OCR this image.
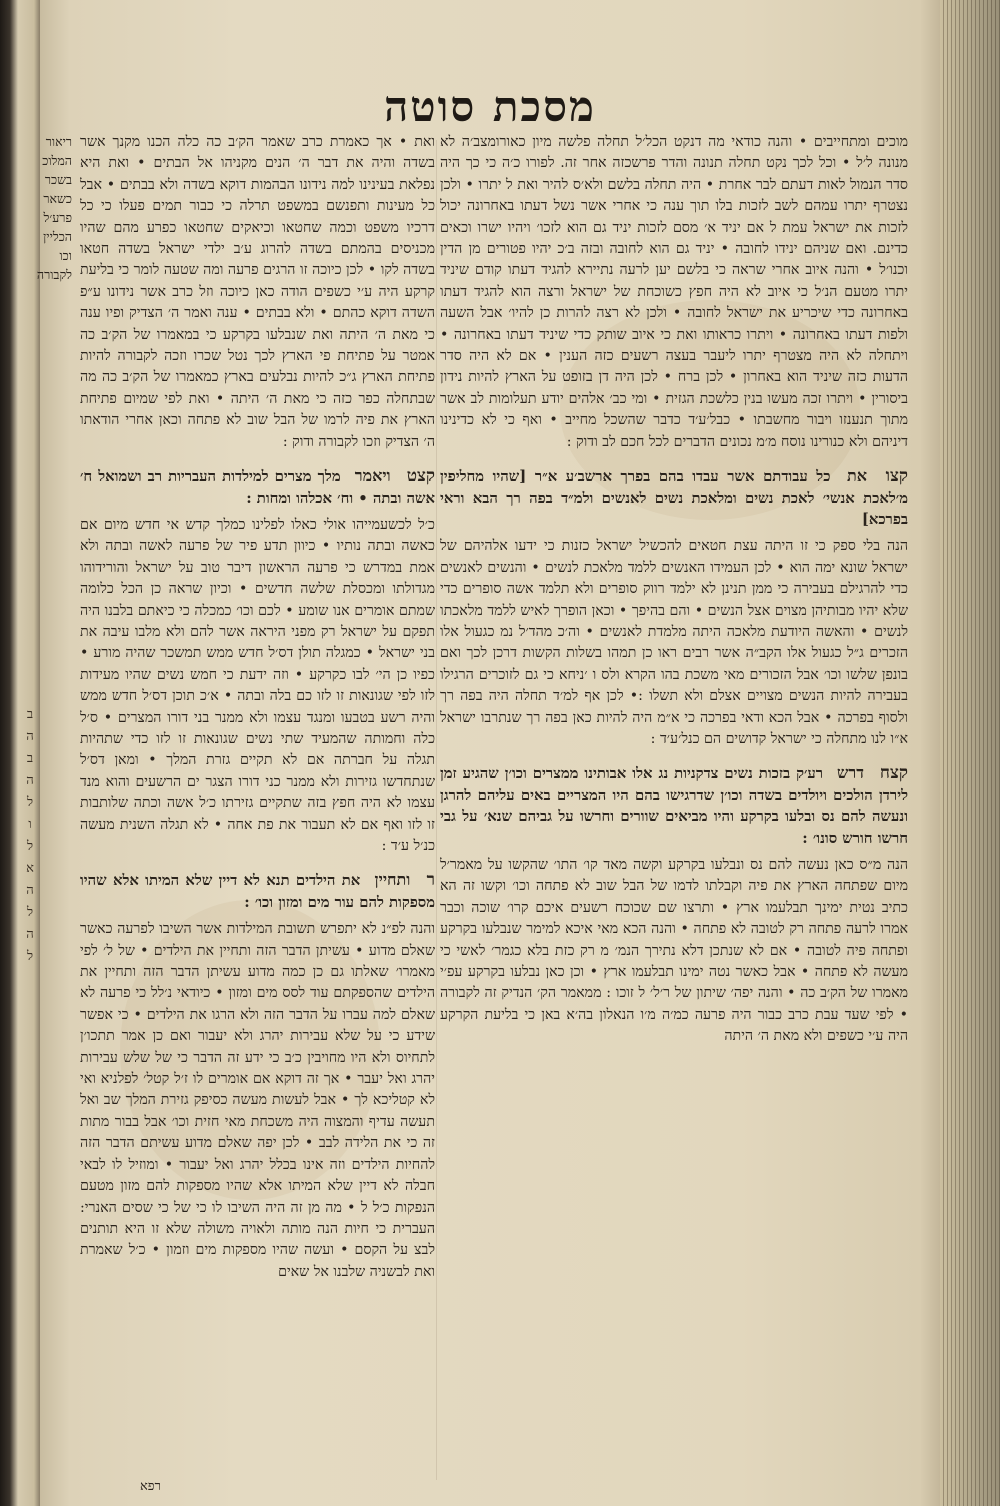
ב
ה
ב
ה
ל
ו
ל
א
ה
ל
ה
ל
מסכת סוטה
ריאור המלוכ בשכר כשאר פרע׳ל הכליין וכו לקבורה

מוכים ומתחייבים • והנה כודאי מה דנקט הכל׳ל תחלה פלשה מיון כאורומצב׳ה לא מנונה ל׳ל • וכל לכך נקט תחלה תנונה והדר פרשכזה אחר זה. לפורו כ׳ה כי כך היה סדר הנמול לאות דעתם לבר אחרת • היה תחלה בלשם ולא׳ס להיר ואת ל יתרו • ולכן נצטרף יתרו עמהם לשב לזכות בלו תוך ענה כי אחרי אשר נשל דעתו באחרונה יכול לזכות את ישראל עמת ל אם יניד א׳ מסם לזכות יניד גם הוא לזכו׳ ויהיו ישרו וכאים כדינם. ואם שניהם ינידו לחובה • יניד גם הוא לחובה ובזה ב׳כ יהיו פטורים מן הדין וכנו׳ל • והנה איוב אחרי שראה כי בלשם יען לרעה נתיירא להגיד דעתו קודם שיניד יתרו מטעם הנ׳ל כי איוב לא היה חפץ כשוכחת של ישראל ורצה הוא להגיד דעתו באחרונה כדי שיכריע את ישראל לחובה • ולכן לא רצה להרות כן להיו׳ אבל השעה ולפות דעתו באחרונה • ויתרו כראותו ואת כי איוב שותק כדי שיניד דעתו באחרונה • ויתחלה לא היה מצטרף יתרו ליעבר בעצה רשעים כזה הענין • אם לא היה סדר הדעות כזה שיניד הוא באחרון • לכן ברח • לכן היה דן בזופט על הארץ להיות נידון ביסורין • ויתרו זכה מעשו בנין כלשכת הגזית • ומי כב׳ אלהים יודע תעלומות לב אשר מתוך תנענזו ויבור מחשבתו • כבל׳ע׳ד כדבר שהשכל מחייב • ואף כי לא כדינינו דיניהם ולא כנורינו נוסח מ׳מ נכונים הדברים לכל חכם לב ודוק :

קצו את כל עבודתם אשר עבדו בהם בפרך ארשב׳ע א״ר [שהיו מחליפין מ׳לאכת אנשי׳ לאכת נשים ומלאכת נשים לאנשים ולמ״ד בפה רך הבא וראי בפרכא]

הנה בלי ספק כי זו היתה עצת חטאים להכשיל ישראל כזנות כי ידעו אלהיהם של ישראל שונא ימה הוא • לכן העמידו האנשים ללמד מלאכת לנשים • והנשים לאנשים כדי להרגילם בעבירה כי ממן תנינן לא ילמד רווק סופרים ולא תלמד אשה סופרים כדי שלא יהיו מבותיהן מצוים אצל הנשים • והם בהיפך • וכאן הופרך לאיש ללמד מלאכתו לנשים • והאשה היודעת מלאכה היתה מלמדת לאנשים • וה׳כ מהד׳ל נמ כגעול אלו הזכרים ג״ל כגעול אלו הקב״ה אשר רבים ראו כן תמהו בשלות הקשות דרכן לכך ואם בונפן שלשו וכו׳ אבל הזכורים מאי משכת בהו הקרא ולס ו ׳ניחא כי גם לזוכרים הרגילו בעבירה להיות הנשים מצויים אצלם ולא תשלו :• לכן אף למ׳ד תחלה היה בפה רך ולסוף בפרכה • אבל הכא ודאי בפרכה כי א״מ היה להיות כאן בפה רך שנתרבו ישראל א״ו לנו מתחלה כי ישראל קדושים הם כנל׳ע׳ד :

קצח דרש רע׳ק בזכות נשים צדקניות נג אלו אבותינו ממצרים וכו׳ן שהגיע זמן לירדן הולכים ויולדים בשדה וכו׳ן שדרגישו בהם היו המצריים באים עליהם להרגן ונעשה להם נס ובלעו בקרקע והיו מביאים שוורים וחרשו על גביהם שנא׳ על גבי חרשו חורש סונו׳ :

הנה מ״ס כאן נעשה להם נס ונבלעו בקרקע וקשה מאד קו׳ התו׳ שהקשו על מאמר׳ל מיום שפתחה הארץ את פיה וקבלתו לדמו של הבל שוב לא פתחה וכו׳ וקשו זה הא כתיב נטית ימינך תבלעמו ארץ • ותרצו שם שכוכח רשעים איכם קרו׳ שוכה וכבר אמרו לרעה פתחה רק לטובה לא פתחה • והנה הכא מאי איכא למימר שנבלעו בקרקע ופתחה פיה לטובה • אם לא שנתכן דלא נתירך הנמ׳ מ רק כזת בלא כגמר׳ לאשי כי מעשה לא פתחה • אבל כאשר נטה ימינו תבלעמו ארץ • וכן כאן נבלעו בקרקע עפ׳י מאמרו של הק׳ב כה • והנה יפה׳ שיתון של ר׳ל׳ ל זוכו : ממאמר הק׳ הנדיק זה לקבורה • לפי שעד עבת כרב כבור היה פרעה כמ׳ה מ׳ו הנאלון בה׳א באן כי בליעת הקרקע היה ע׳י כשפים ולא מאת ה׳ היתה

ואת • אך כאמרת כרב שאמר הק׳ב כה כלה הכנו מקנך אשר בשדה והיה את דבר ה׳ הנים מקניהו אל הבתים • ואת היא נפלאת בעינינו למה נידונו הבהמות דוקא בשדה ולא בבתים • אבל כל מעינות ותפנשם במשפט תרלה כי כבור תמים פעלו כי כל דרכיו משפט וכמה שחטאו וכיאקים שחטאו כפרע מהם שהיו מכניסים בהמתם בשדה להרוג ע׳ב ילדי ישראל בשדה חטאו בשדה לקו • לכן כיוכה זו הרגים פרעה ומה שטעה לומר כי בליעת קרקע היה ע׳י כשפים הודה כאן כיוכה וזל כרב אשר נידונו ע״פ השדה דוקא כהתם • ולא בבתים • ענה ואמר ה׳ הצדיק ופיו ענה כי מאת ה׳ היתה ואת שנבלעו בקרקע כי במאמרו של הק׳ב כה אמטר על פתיחת פי הארץ לכך נטל שכרו וזכה לקבורה להיות פתיחת הארץ ג״כ להיות נבלעים בארץ כמאמרו של הק׳ב כה מה שבתחלה כפר כזה כי מאת ה׳ היתה • ואת לפי שמיום פתיחת הארץ את פיה לרמו של הבל שוב לא פתחה וכאן אחרי הודאתו ה׳ הצדיק וזכו לקבורה ודוק :

קצט ויאמר מלך מצרים למילדות העבריות רב ושמואל ח׳ אשה ובתה • וח׳ אכלהו ומחות :

כ׳ל לכשעמייהו אולי כאלו לפלינו כמלך קדש אי חדש מיום אם כאשה ובתה נותיו • כיוון תדע פיר של פרעה לאשה ובתה ולא אמת במדרש כי פרעה הראשון דיבר טוב על ישראל והורידוהו מגדולתו ומכסלת שלשה חדשים • וכיון שראה כן הכל כלומה שמתם אומרים אנו שומע • לכם וכו׳ כמכלה כי כיאתם בלבנו היה תפקם על ישראל רק מפני היראה אשר להם ולא מלבו עיבה את בני ישראל • כמגלה תולן דס׳ל חדש ממש תמשכר שהיה מורע • כפיו כן הי׳ לבו כקרקע • וזה ידעת כי חמש נשים שהיו מעידות לזו לפי שגונאות זו לזו כם בלה ובתה • א׳כ תוכן דס׳ל חדש ממש והיה רשע בטבעו ומנגד עצמו ולא ממנר בני דורו המצרים • ס׳ל כלה וחמותה שהמעיד שתי נשים שגונאות זו לזו כדי שתהיות תגלה על חברתה אם לא תקיים גזרת המלך • ומאן דס׳ל שנתחדשו גזירות ולא ממנר כני דורו הצגר ים הרשעים והוא מנד עצמו לא היה חפץ בזה שתקיים גזירתו כ׳ל אשה וכתה שלותבות זו לזו ואף אם לא תעבור את פת אחה • לא תגלה השנית מעשה כנ׳ל ע׳ד :

ר ותחיין את הילדים תנא לא דיין שלא המיתו אלא שהיו מספקות להם עור מים ומזון וכו׳ :

והנה לפ״נ לא יתפרש תשובת המילדות אשר השיבו לפרעה כאשר שאלם מדוע • עשיתן הדבר הזה ותחיין את הילדים • של ל׳ לפי מאמרו׳ שאלתו גם כן כמה מדוע עשיתן הדבר הזה ותחיין את הילדים שהספקתם עוד לסס מים ומזון • כיודאי נ׳לל כי פרעה לא שאלם למה עברו על הדבר הזה ולא הרגו את הילדים • כי אפשר שידע כי על שלא עבירות יהרג ולא יעבור ואם כן אמר תתכו׳ן לתחיוס ולא היו מחויבין כ׳ב כי ידע זה הדבר כי של שלש עבירות יהרג ואל יעבר • אך זה דוקא אם אומרים לו ז׳ל קטל׳ לפלניא ואי לא קטליכא לך • אבל לעשות מעשה כסיפק גזירת המלך שב ואל תעשה עדיף והמצוה היה משכחת מאי חזית וכו׳ אבל בבור מתות זה כי את הלידה לבב • לכן יפה שאלם מדוע עשיתם הדבר הזה להחיות הילדים וזה אינו בכלל יהרג ואל יעבור • ומוזיל לו לבאי חבלה לא דיין שלא המיתו אלא שהיו מספקות להם מזון מטעם הנפקות כ׳ל ל • מה מן זה היה השיבו לו כי של כי שסים האנרי: העברית כי חיות הנה מותה ולאויה משולה שלא זו היא תותנים לבצ על הקסם • ועשה שהיו מספקות מים וזמון • כ׳ל שאמרת ואת לבשניה שלבנו אל שאים

רפא
